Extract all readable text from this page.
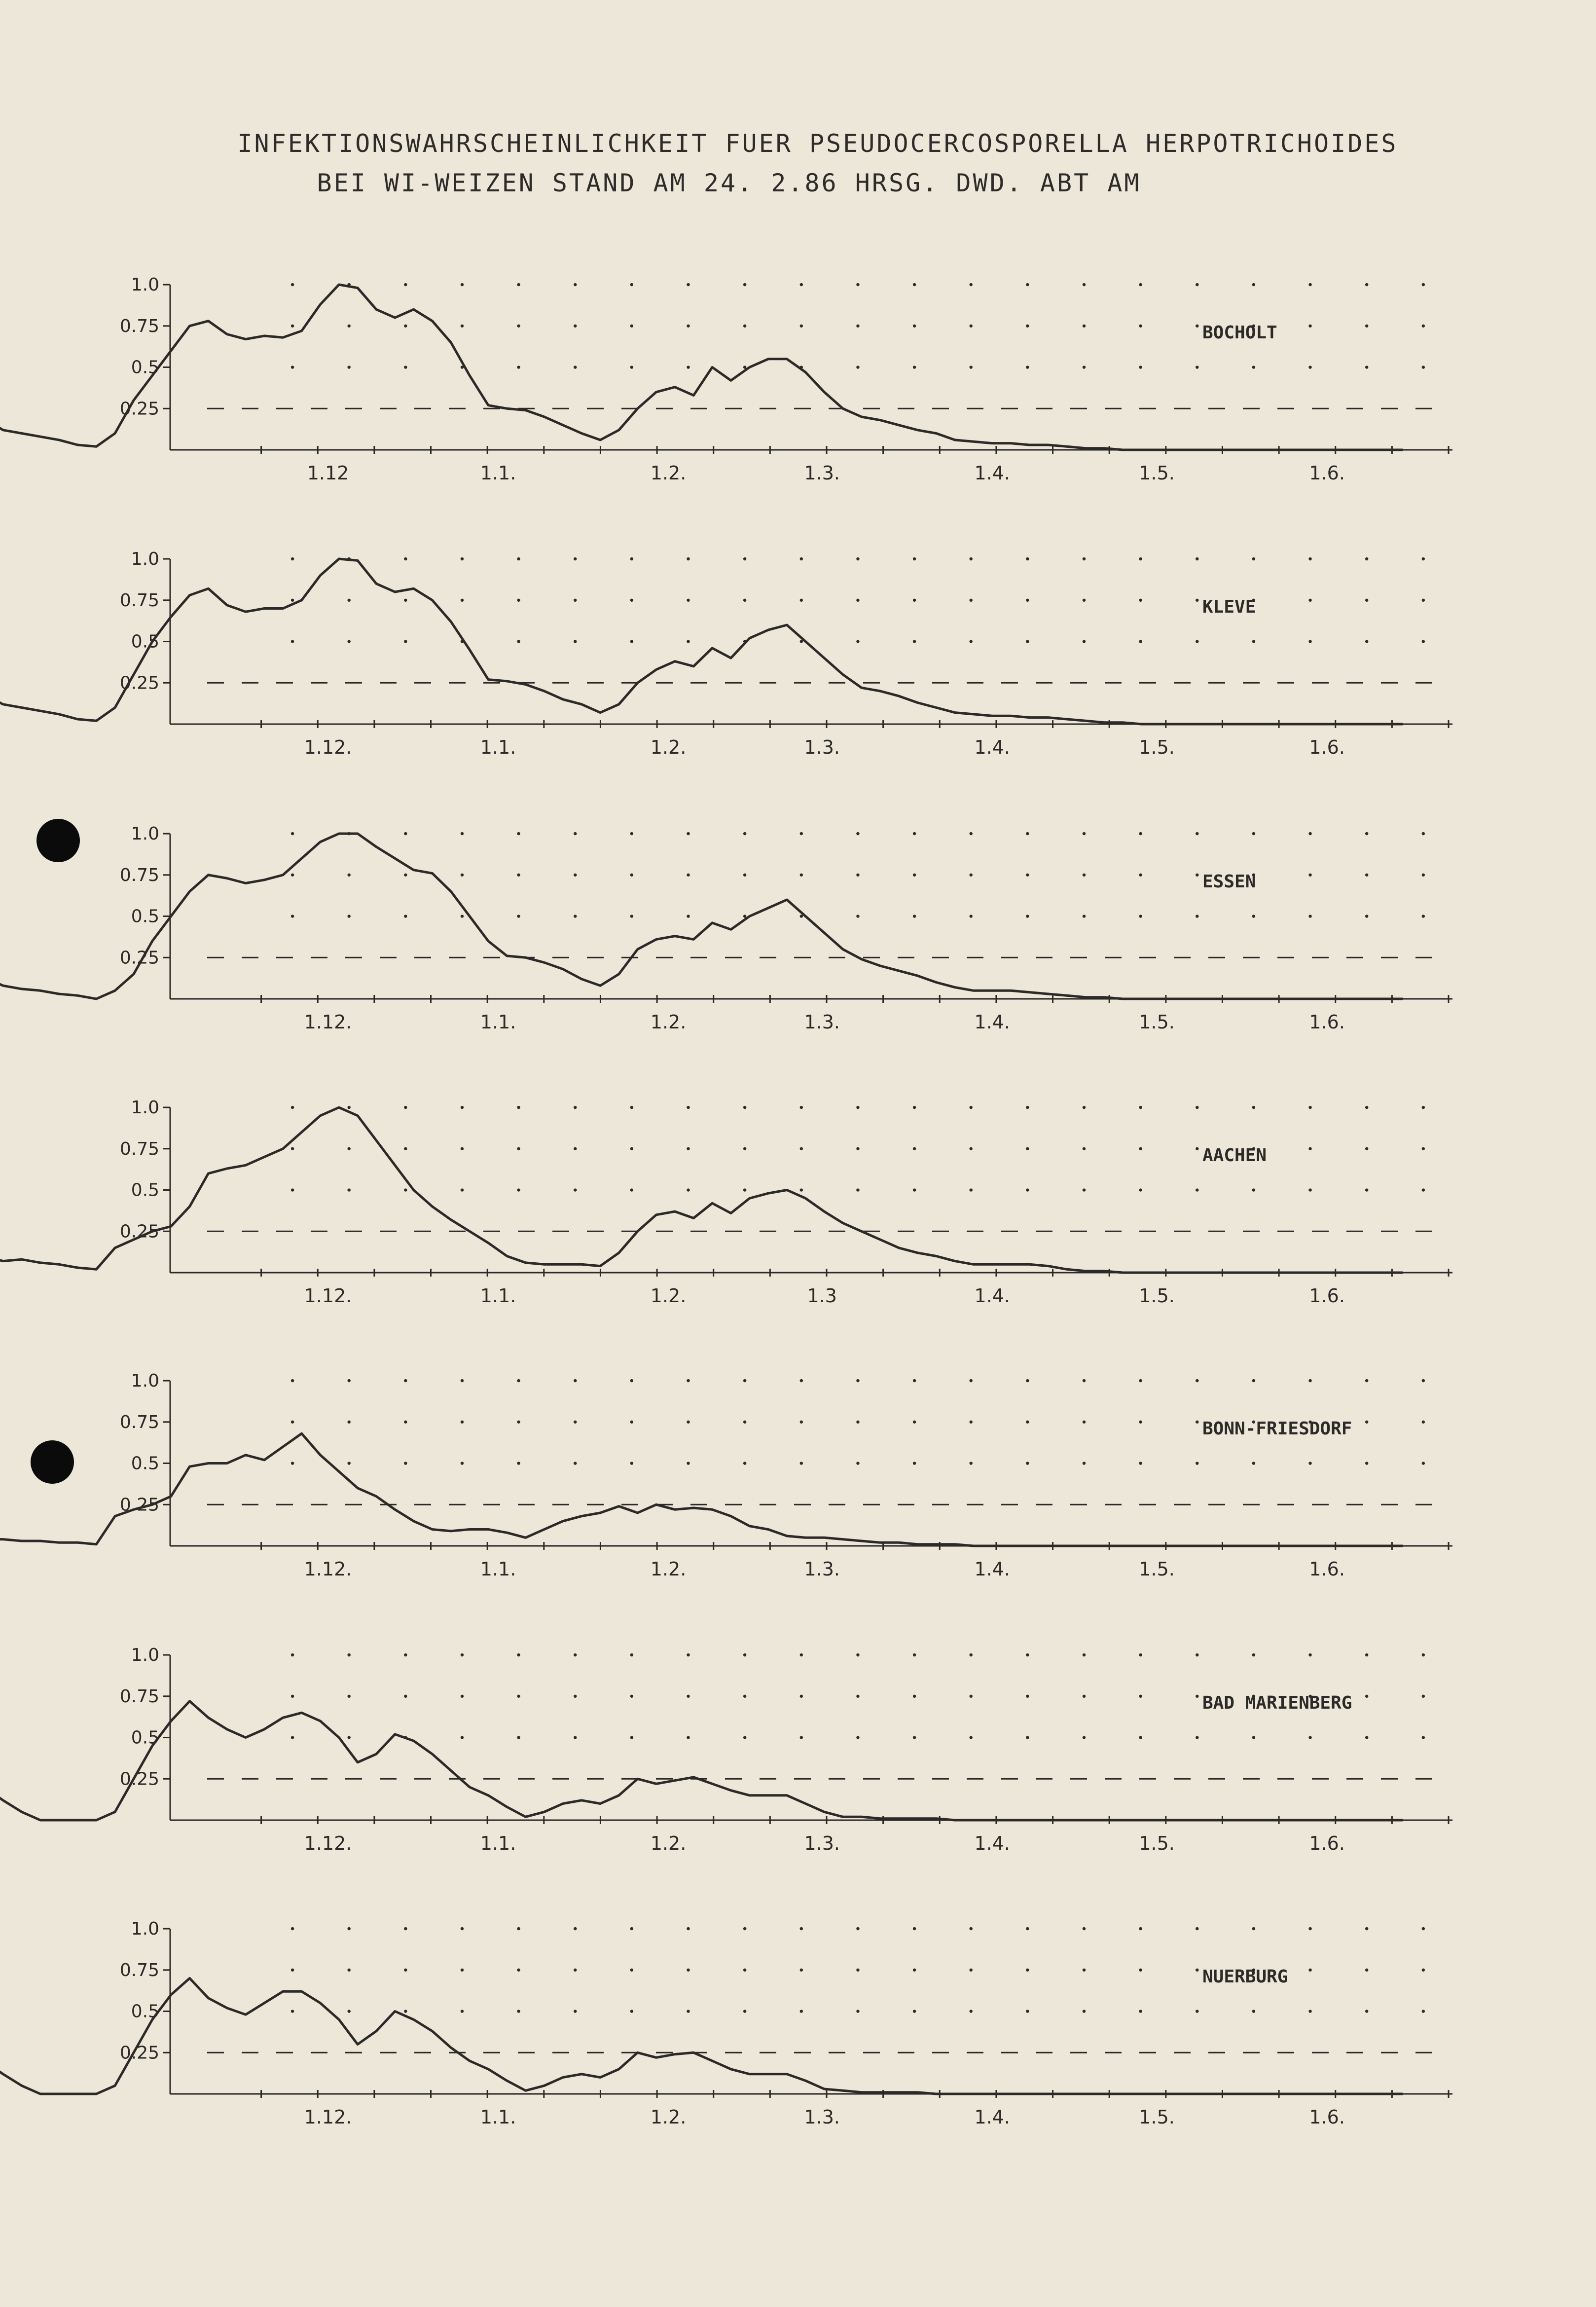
INFEKTIONSWAHRSCHEINLICHKEIT FUER PSEUDOCERCOSPORELLA HERPOTRICHOIDES
BEI WI-WEIZEN STAND AM 24. 2.86 HRSG. DWD. ABT AM
1.0
0.75
0.5
0.25
1.12	1.1.	1.2.	1.3.	1.4.	1.5.	1.6.
BOCHOLT
1.0
0.75
0.5
0.25
1.12.	1.1.	1.2.	1.3.	1.4.	1.5.	1.6.
KLEVE
1.0
0.75
0.5
0.25
1.12.	1.1.	1.2.	1.3.	1.4.	1.5.	1.6.
ESSEN
1.0
0.75
0.5
0.25
1.12.	1.1.	1.2.	1.3	1.4.	1.5.	1.6.
AACHEN
1.0
0.75
0.5
0.25
1.12.	1.1.	1.2.	1.3.	1.4.	1.5.	1.6.
BONN-FRIESDORF
1.0
0.75
0.5
0.25
1.12.	1.1.	1.2.	1.3.	1.4.	1.5.	1.6.
BAD MARIENBERG
1.0
0.75
0.5
0.25
1.12.	1.1.	1.2.	1.3.	1.4.	1.5.	1.6.
NUERBURG
